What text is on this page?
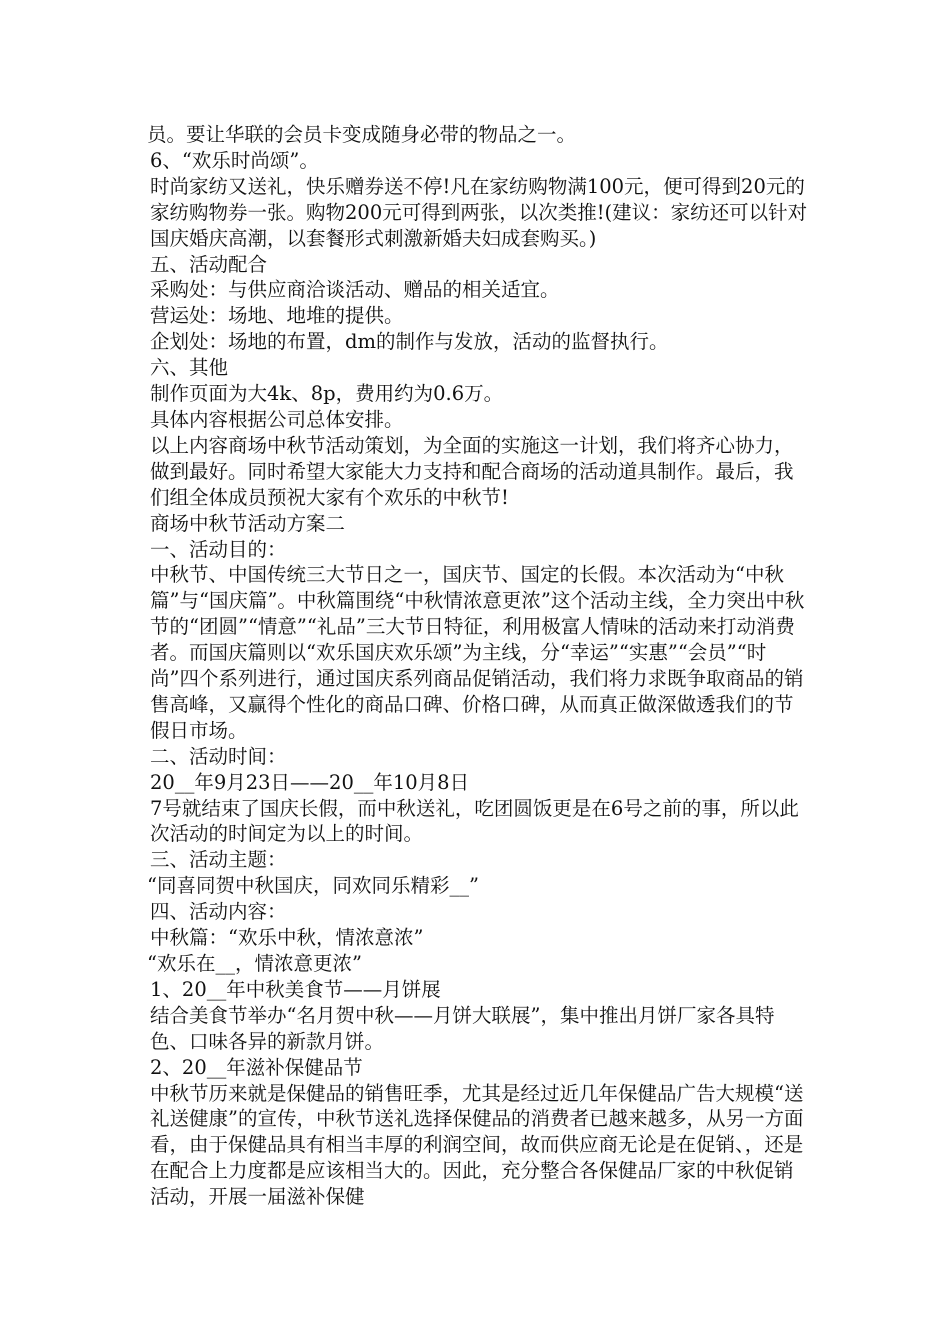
员。要让华联的会员卡变成随身必带的物品之一。

6、“欢乐时尚颂”。

时尚家纺又送礼，快乐赠券送不停!凡在家纺购物满100元，便可得到20元的家纺购物券一张。购物200元可得到两张，以次类推!(建议：家纺还可以针对国庆婚庆高潮，以套餐形式刺激新婚夫妇成套购买。)

五、活动配合

采购处：与供应商洽谈活动、赠品的相关适宜。

营运处：场地、地堆的提供。

企划处：场地的布置，dm的制作与发放，活动的监督执行。

六、其他

制作页面为大4k、8p，费用约为0.6万。

具体内容根据公司总体安排。

以上内容商场中秋节活动策划，为全面的实施这一计划，我们将齐心协力，做到最好。同时希望大家能大力支持和配合商场的活动道具制作。最后，我们组全体成员预祝大家有个欢乐的中秋节!

商场中秋节活动方案二

一、活动目的：

中秋节、中国传统三大节日之一，国庆节、国定的长假。本次活动为“中秋篇”与“国庆篇”。中秋篇围绕“中秋情浓意更浓”这个活动主线，全力突出中秋节的“团圆”“情意”“礼品”三大节日特征，利用极富人情味的活动来打动消费者。而国庆篇则以“欢乐国庆欢乐颂”为主线，分“幸运”“实惠”“会员”“时尚”四个系列进行，通过国庆系列商品促销活动，我们将力求既争取商品的销售高峰，又赢得个性化的商品口碑、价格口碑，从而真正做深做透我们的节假日市场。

二、活动时间：

20__年9月23日——20__年10月8日

7号就结束了国庆长假，而中秋送礼，吃团圆饭更是在6号之前的事，所以此次活动的时间定为以上的时间。

三、活动主题：

“同喜同贺中秋国庆，同欢同乐精彩__”

四、活动内容：

中秋篇：“欢乐中秋，情浓意浓”

“欢乐在__，情浓意更浓”

1、20__年中秋美食节——月饼展

结合美食节举办“名月贺中秋——月饼大联展”，集中推出月饼厂家各具特色、口味各异的新款月饼。

2、20__年滋补保健品节

中秋节历来就是保健品的销售旺季，尤其是经过近几年保健品广告大规模“送礼送健康”的宣传，中秋节送礼选择保健品的消费者已越来越多，从另一方面看，由于保健品具有相当丰厚的利润空间，故而供应商无论是在促销、，还是在配合上力度都是应该相当大的。因此，充分整合各保健品厂家的中秋促销活动，开展一届滋补保健
